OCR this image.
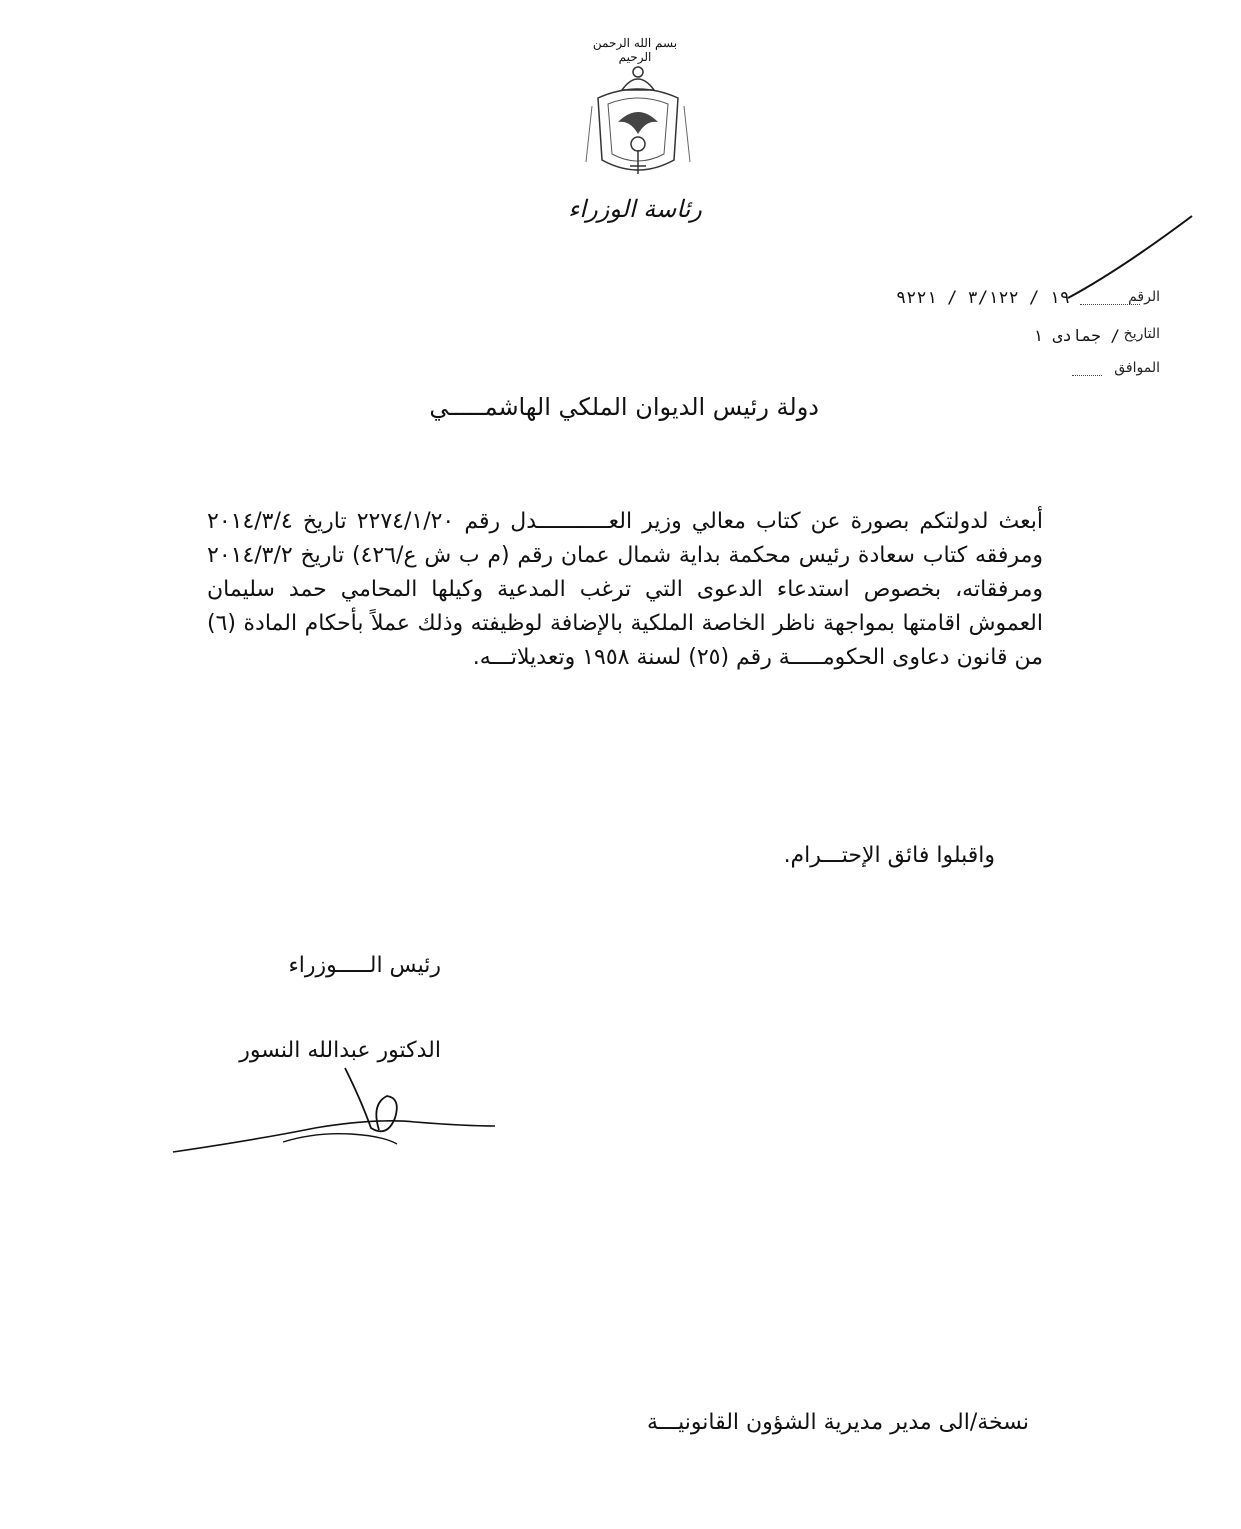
بسم الله الرحمن الرحيم
رئاسة الوزراء
الرقم
١٩ / ٣/١٢٢ / ٩٢٢١
التاريخ
/ جمادى ١
الموافق
دولة رئيس الديوان الملكي الهاشمـــــي

أبعث لدولتكم بصورة عن كتاب معالي وزير العـــــــــــدل رقم ٢٢٧٤/١/٢٠ تاريخ ٢٠١٤/٣/٤ ومرفقه كتاب سعادة رئيس محكمة بداية شمال عمان رقم (م ب ش ع/٤٢٦) تاريخ ٢٠١٤/٣/٢ ومرفقاته، بخصوص استدعاء الدعوى التي ترغب المدعية وكيلها المحامي حمد سليمان العموش اقامتها بمواجهة ناظر الخاصة الملكية بالإضافة لوظيفته وذلك عملاً بأحكام المادة (٦) من قانون دعاوى الحكومـــــة رقم (٢٥) لسنة ١٩٥٨ وتعديلاتـــه.

واقبلوا فائق الإحتـــرام.
رئيس الـــــوزراء
الدكتور عبدالله النسور
نسخة/الى مدير مديرية الشؤون القانونيـــة
